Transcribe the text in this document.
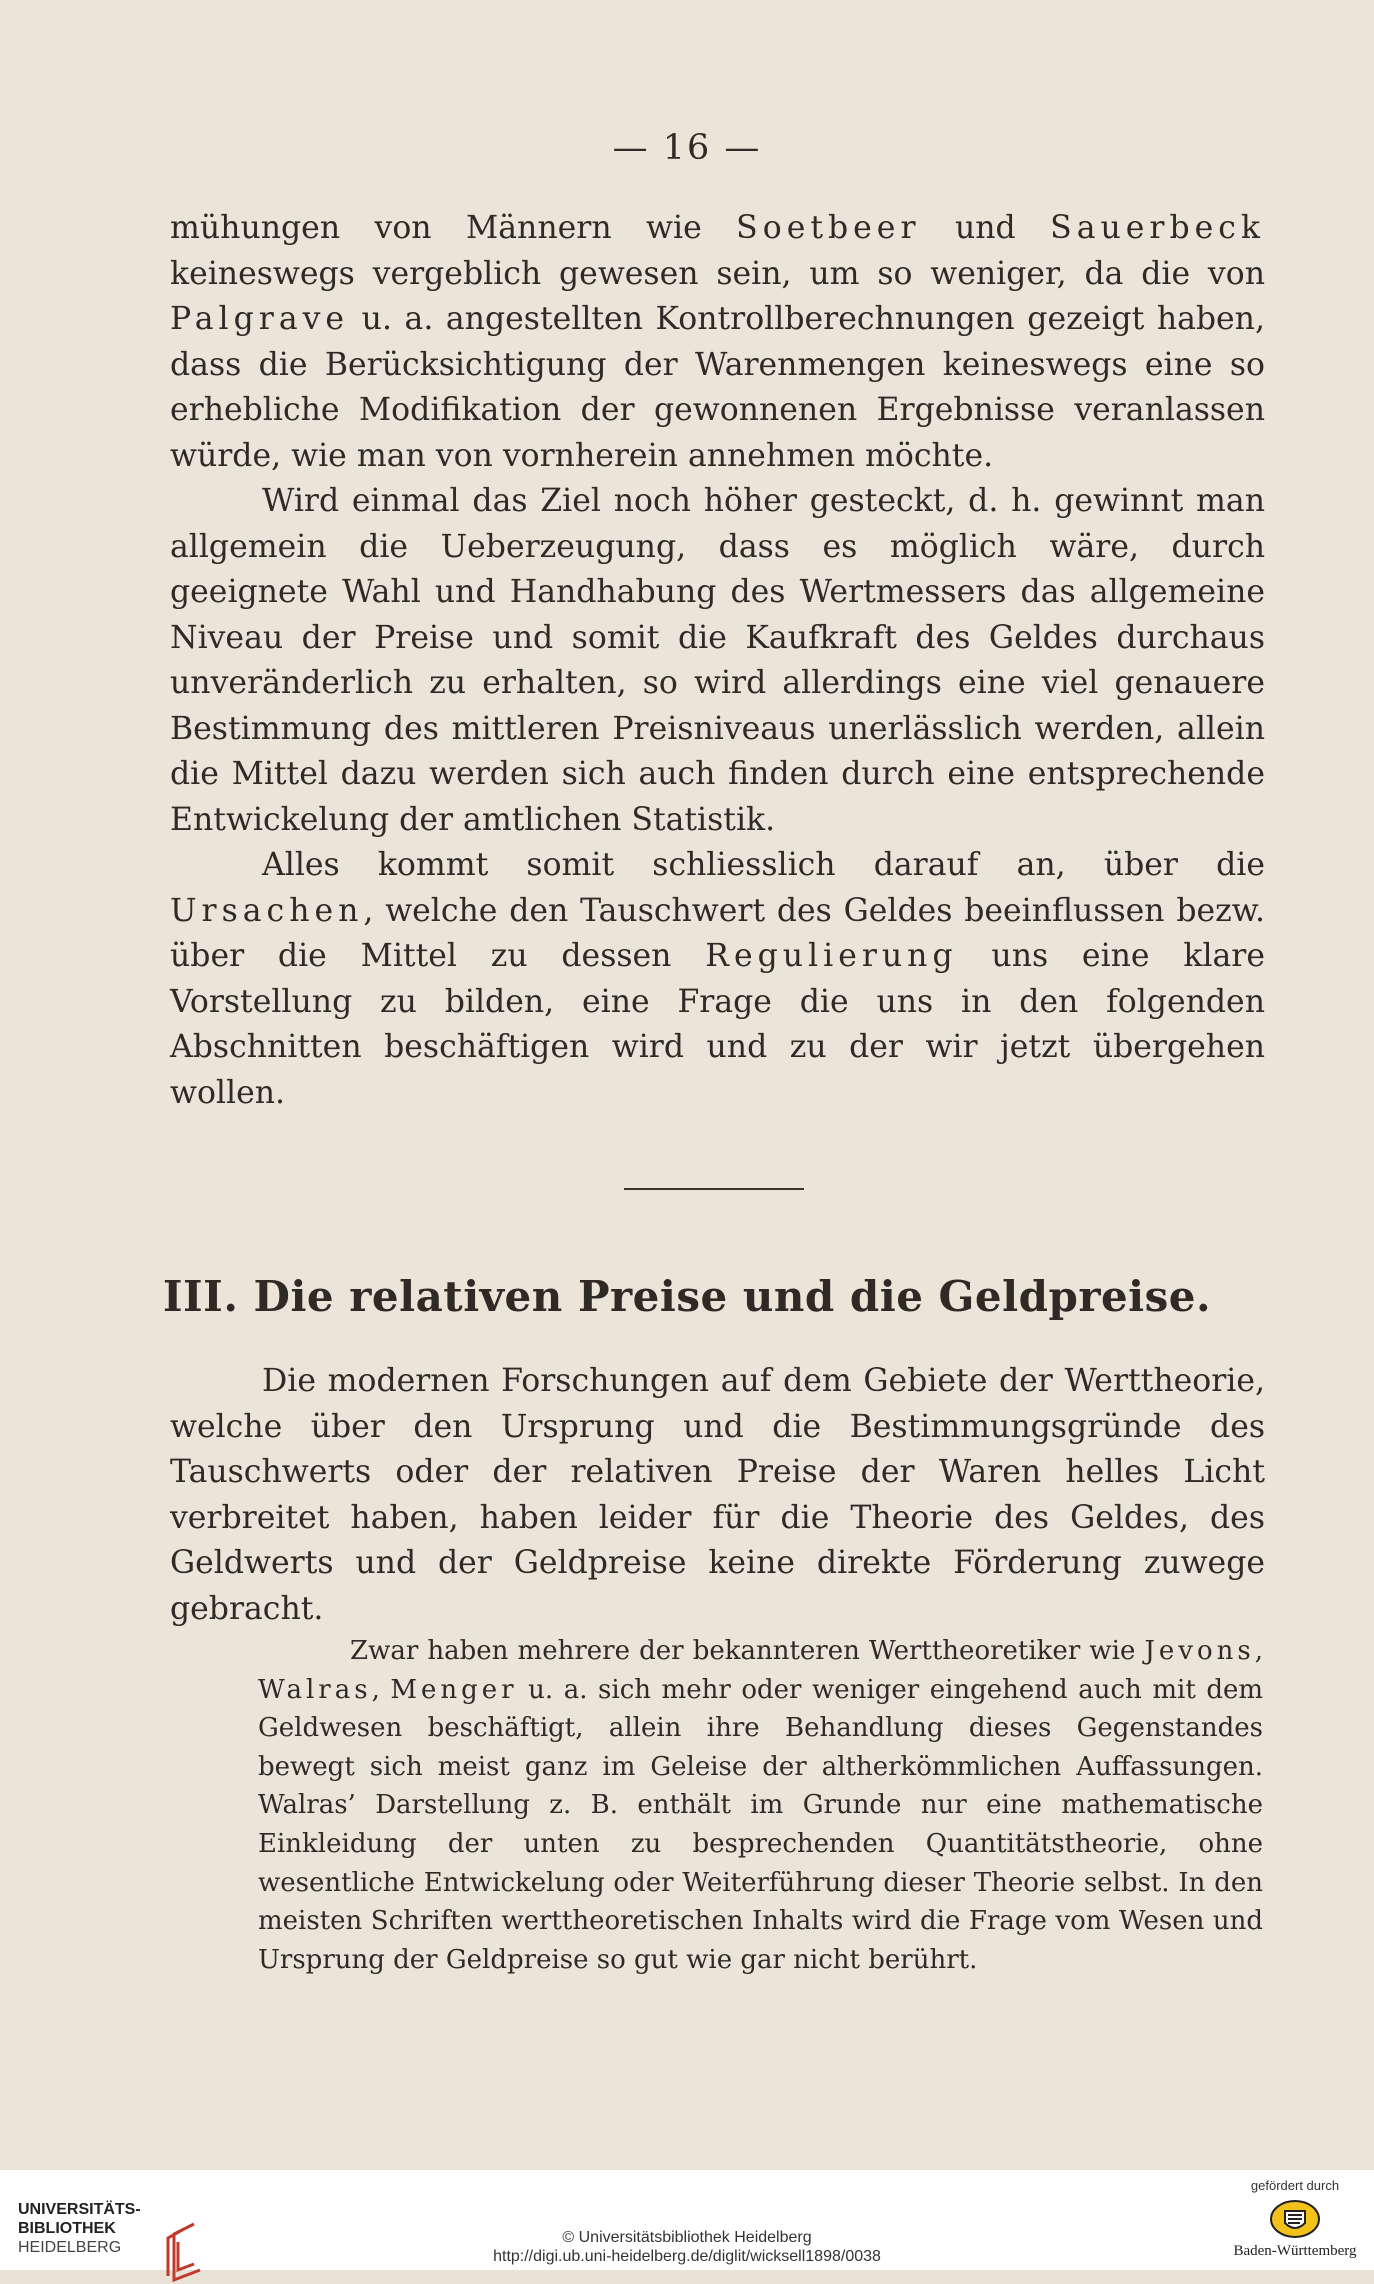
— 16 —

mühungen von Männern wie Soetbeer und Sauerbeck keineswegs vergeblich gewesen sein, um so weniger, da die von Palgrave u. a. angestellten Kontrollberechnungen gezeigt haben, dass die Berücksichtigung der Warenmengen keineswegs eine so erhebliche Modifikation der gewonnenen Ergebnisse veranlassen würde, wie man von vornherein annehmen möchte.

Wird einmal das Ziel noch höher gesteckt, d. h. gewinnt man allgemein die Ueberzeugung, dass es möglich wäre, durch geeignete Wahl und Handhabung des Wertmessers das allgemeine Niveau der Preise und somit die Kaufkraft des Geldes durchaus unveränderlich zu erhalten, so wird allerdings eine viel genauere Bestimmung des mittleren Preisniveaus unerlässlich werden, allein die Mittel dazu werden sich auch finden durch eine entsprechende Entwickelung der amtlichen Statistik.

Alles kommt somit schliesslich darauf an, über die Ursachen, welche den Tauschwert des Geldes beeinflussen bezw. über die Mittel zu dessen Regulierung uns eine klare Vorstellung zu bilden, eine Frage die uns in den folgenden Abschnitten beschäftigen wird und zu der wir jetzt übergehen wollen.

III. Die relativen Preise und die Geldpreise.

Die modernen Forschungen auf dem Gebiete der Werttheorie, welche über den Ursprung und die Bestimmungsgründe des Tauschwerts oder der relativen Preise der Waren helles Licht verbreitet haben, haben leider für die Theorie des Geldes, des Geldwerts und der Geldpreise keine direkte Förderung zuwege gebracht.

Zwar haben mehrere der bekannteren Werttheoretiker wie Jevons, Walras, Menger u. a. sich mehr oder weniger eingehend auch mit dem Geldwesen beschäftigt, allein ihre Behandlung dieses Gegenstandes bewegt sich meist ganz im Geleise der altherkömmlichen Auffassungen. Walras’ Darstellung z. B. enthält im Grunde nur eine mathematische Einkleidung der unten zu besprechenden Quantitätstheorie, ohne wesentliche Entwickelung oder Weiterführung dieser Theorie selbst. In den meisten Schriften werttheoretischen Inhalts wird die Frage vom Wesen und Ursprung der Geldpreise so gut wie gar nicht berührt.

UNIVERSITÄTS-
BIBLIOTHEK
HEIDELBERG
© Universitätsbibliothek Heidelberg
http://digi.ub.uni-heidelberg.de/diglit/wicksell1898/0038
gefördert durch
Baden-Württemberg
